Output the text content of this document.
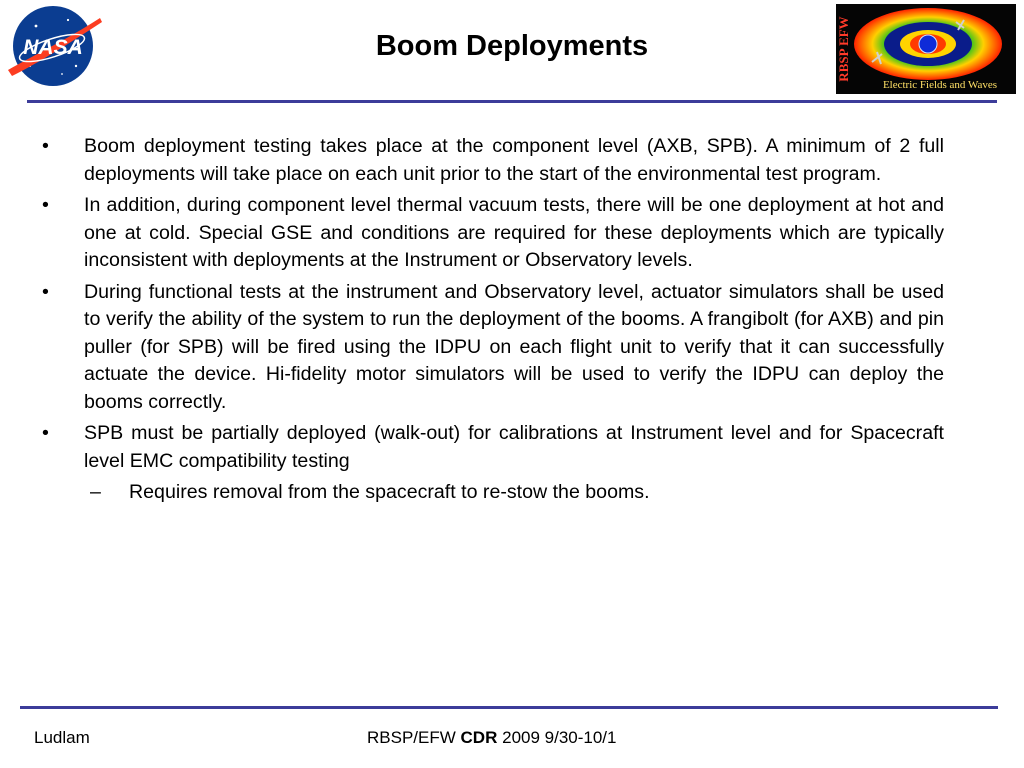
NASA	Boom Deployments	RBSP EFW
Electric Fields and Waves

• Boom deployment testing takes place at the component level (AXB, SPB). A minimum of 2 full deployments will take place on each unit prior to the start of the environmental test program.

• In addition, during component level thermal vacuum tests, there will be one deployment at hot and one at cold. Special GSE and conditions are required for these deployments which are typically inconsistent with deployments at the Instrument or Observatory levels.

• During functional tests at the instrument and Observatory level, actuator simulators shall be used to verify the ability of the system to run the deployment of the booms. A frangibolt (for AXB) and pin puller (for SPB) will be fired using the IDPU on each flight unit to verify that it can successfully actuate the device. Hi-fidelity motor simulators will be used to verify the IDPU can deploy the booms correctly.

• SPB must be partially deployed (walk-out) for calibrations at Instrument level and for Spacecraft level EMC compatibility testing

– Requires removal from the spacecraft to re-stow the booms.

Ludlam	RBSP/EFW CDR 2009 9/30-10/1
